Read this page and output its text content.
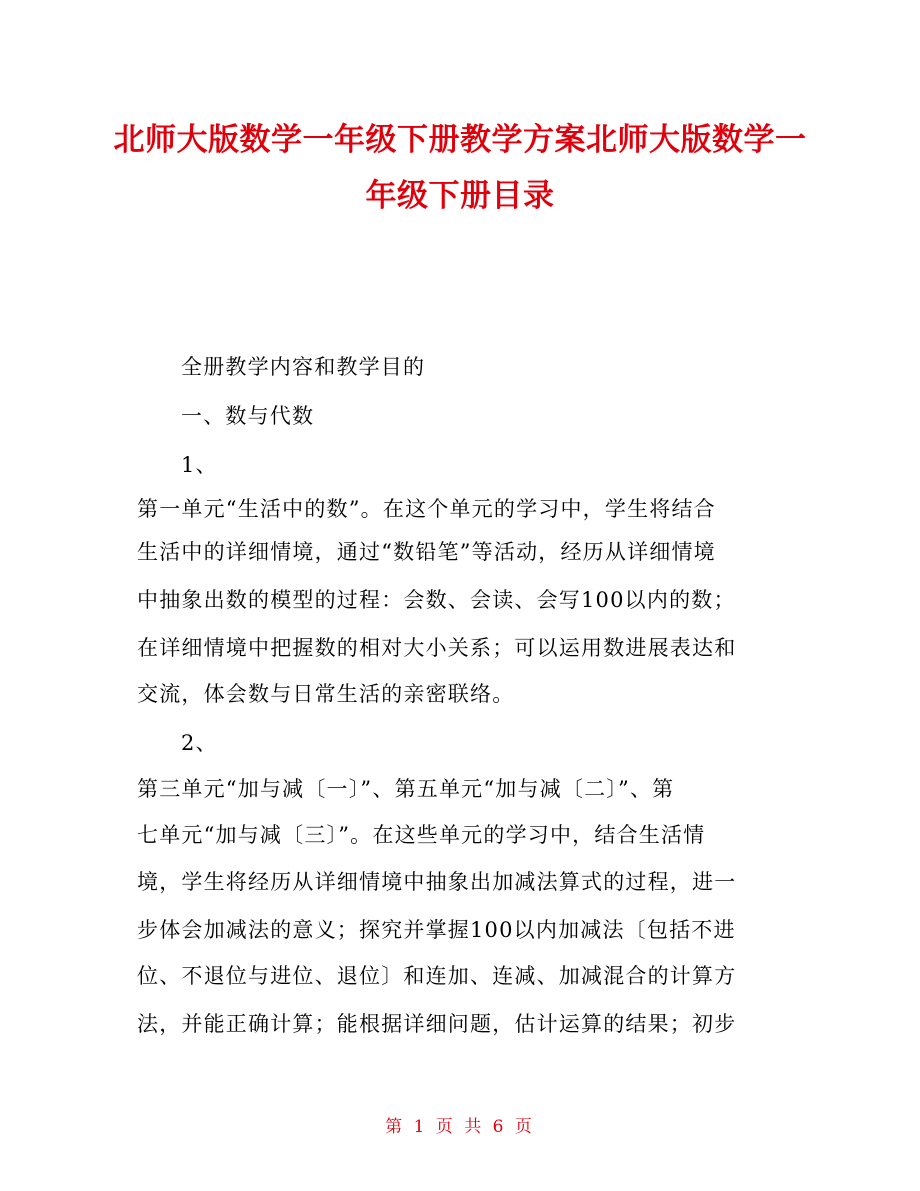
北师大版数学一年级下册教学方案北师大版数学一年级下册目录
全册教学内容和教学目的
一、数与代数
1、
第一单元“生活中的数”。在这个单元的学习中，学生将结合
生活中的详细情境，通过“数铅笔”等活动，经历从详细情境
中抽象出数的模型的过程：会数、会读、会写100以内的数；
在详细情境中把握数的相对大小关系；可以运用数进展表达和
交流，体会数与日常生活的亲密联络。
2、
第三单元“加与减〔一〕”、第五单元“加与减〔二〕”、第
七单元“加与减〔三〕”。在这些单元的学习中，结合生活情
境，学生将经历从详细情境中抽象出加减法算式的过程，进一
步体会加减法的意义；探究并掌握100以内加减法〔包括不进
位、不退位与进位、退位〕和连加、连减、加减混合的计算方
法，并能正确计算；能根据详细问题，估计运算的结果；初步
第 1 页 共 6 页
